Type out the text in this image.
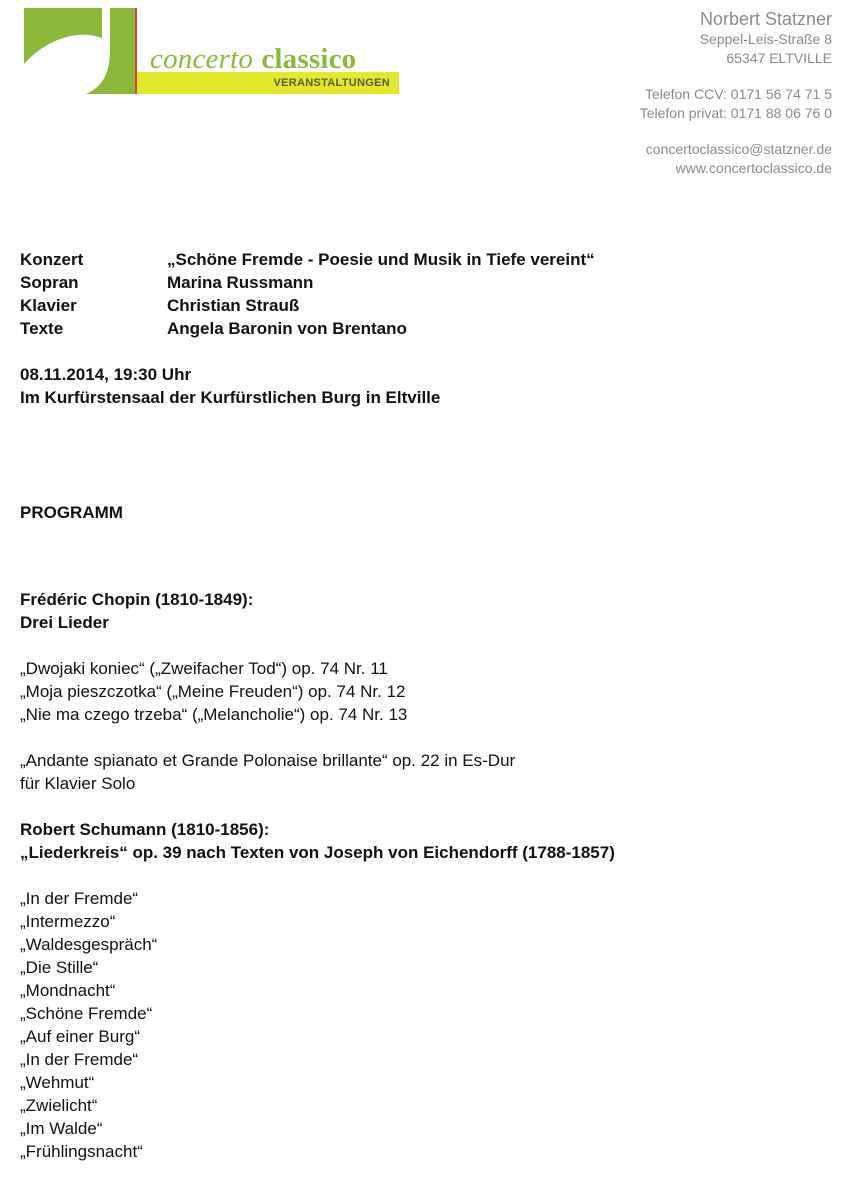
concerto classico
VERANSTALTUNGEN
Norbert Statzner
Seppel-Leis-Straße 8
65347 ELTVILLE
Telefon CCV: 0171 56 74 71 5
Telefon privat: 0171 88 06 76 0
concertoclassico@statzner.de
www.concertoclassico.de
Konzert	„Schöne Fremde - Poesie und Musik in Tiefe vereint“
Sopran	Marina Russmann
Klavier	Christian Strauß
Texte	Angela Baronin von Brentano
08.11.2014, 19:30 Uhr
Im Kurfürstensaal der Kurfürstlichen Burg in Eltville
PROGRAMM
Frédéric Chopin (1810-1849):
Drei Lieder
„Dwojaki koniec“ („Zweifacher Tod“) op. 74 Nr. 11
„Moja pieszczotka“ („Meine Freuden“) op. 74 Nr. 12
„Nie ma czego trzeba“ („Melancholie“) op. 74 Nr. 13
„Andante spianato et Grande Polonaise brillante“ op. 22 in Es-Dur
für Klavier Solo
Robert Schumann (1810-1856):
„Liederkreis“ op. 39 nach Texten von Joseph von Eichendorff (1788-1857)
„In der Fremde“
„Intermezzo“
„Waldesgespräch“
„Die Stille“
„Mondnacht“
„Schöne Fremde“
„Auf einer Burg“
„In der Fremde“
„Wehmut“
„Zwielicht“
„Im Walde“
„Frühlingsnacht“
